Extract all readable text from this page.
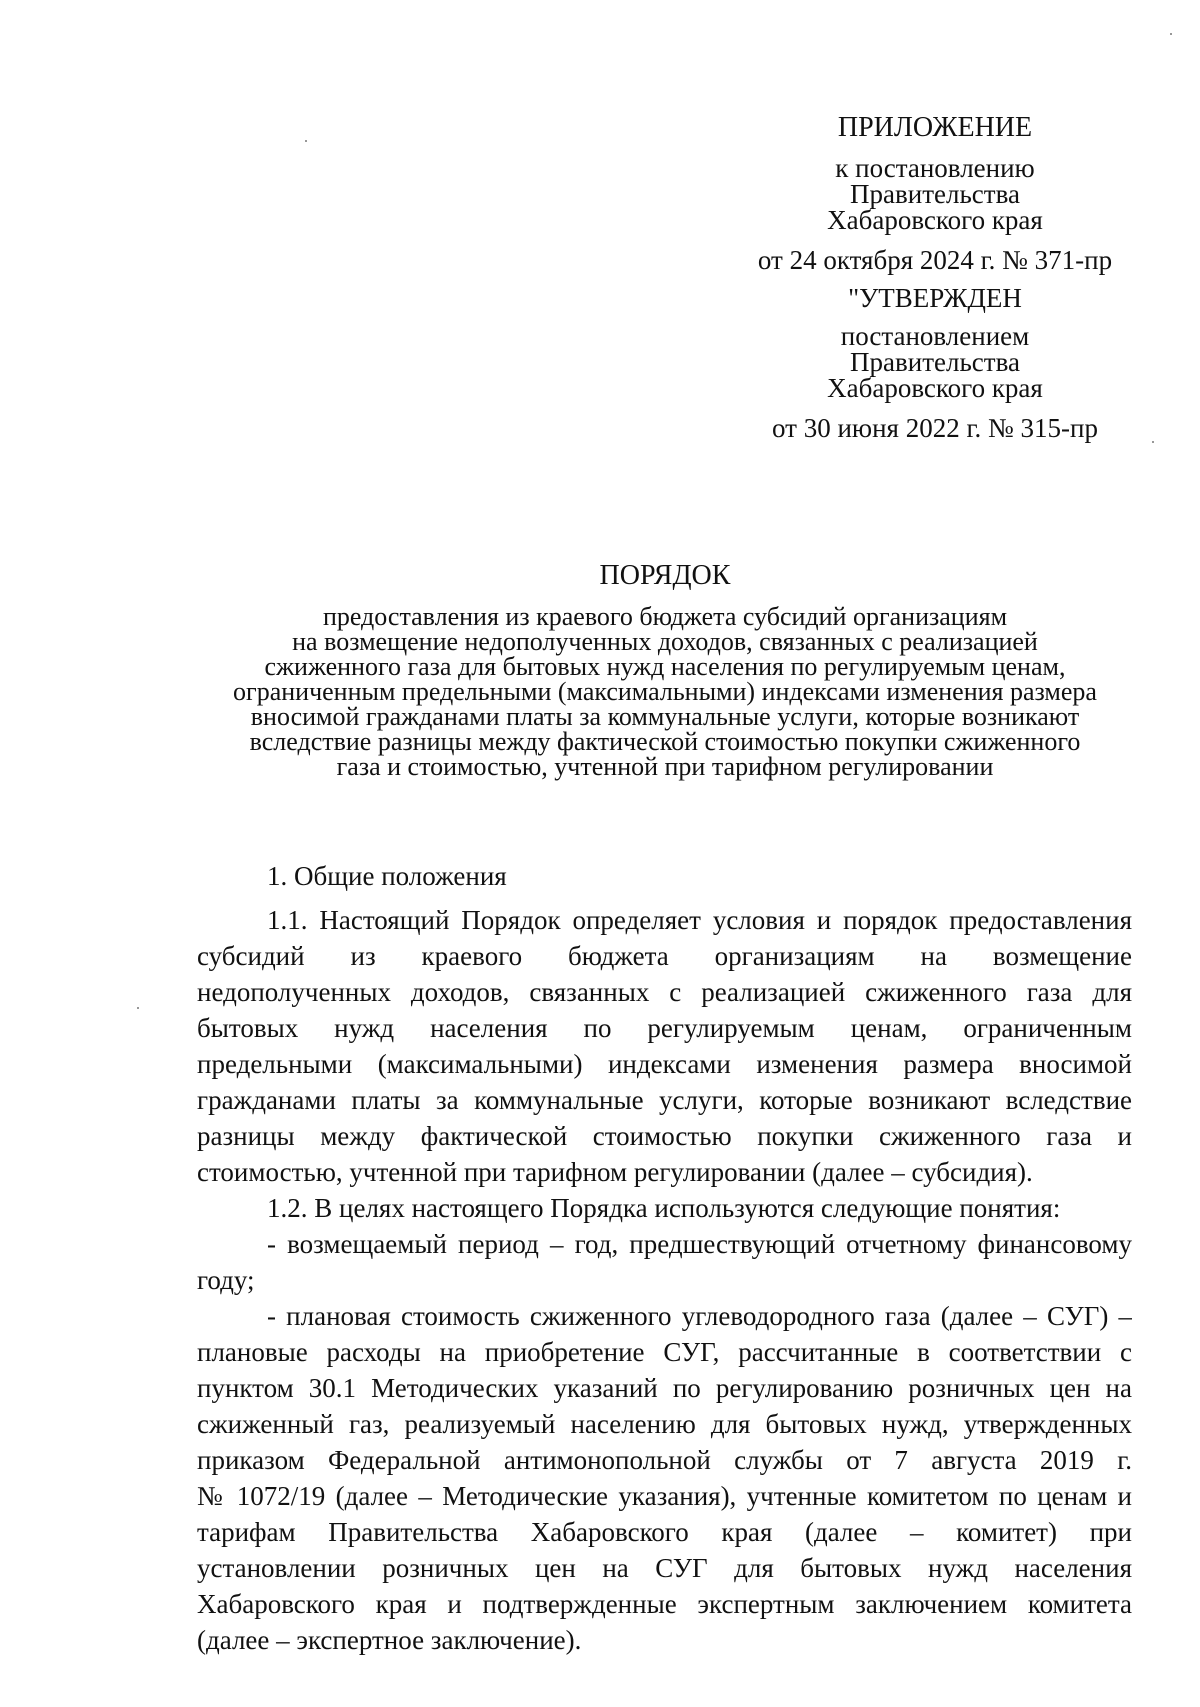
ПРИЛОЖЕНИЕ
к постановлению
Правительства
Хабаровского края
от 24 октября 2024 г. № 371-пр
"УТВЕРЖДЕН
постановлением
Правительства
Хабаровского края
от 30 июня 2022 г. № 315-пр
ПОРЯДОК
предоставления из краевого бюджета субсидий организациям
на возмещение недополученных доходов, связанных с реализацией
сжиженного газа для бытовых нужд населения по регулируемым ценам,
ограниченным предельными (максимальными) индексами изменения размера
вносимой гражданами платы за коммунальные услуги, которые возникают
вследствие разницы между фактической стоимостью покупки сжиженного
газа и стоимостью, учтенной при тарифном регулировании
1. Общие положения
1.1. Настоящий Порядок определяет условия и порядок предоставления
субсидий из краевого бюджета организациям на возмещение
недополученных доходов, связанных с реализацией сжиженного газа для
бытовых нужд населения по регулируемым ценам, ограниченным
предельными (максимальными) индексами изменения размера вносимой
гражданами платы за коммунальные услуги, которые возникают вследствие
разницы между фактической стоимостью покупки сжиженного газа и
стоимостью, учтенной при тарифном регулировании (далее – субсидия).
1.2. В целях настоящего Порядка используются следующие понятия:
- возмещаемый период – год, предшествующий отчетному финансовому
году;
- плановая стоимость сжиженного углеводородного газа (далее – СУГ) –
плановые расходы на приобретение СУГ, рассчитанные в соответствии с
пунктом 30.1 Методических указаний по регулированию розничных цен на
сжиженный газ, реализуемый населению для бытовых нужд, утвержденных
приказом Федеральной антимонопольной службы от 7 августа 2019 г.
№ 1072/19 (далее – Методические указания), учтенные комитетом по ценам и
тарифам Правительства Хабаровского края (далее – комитет) при
установлении розничных цен на СУГ для бытовых нужд населения
Хабаровского края и подтвержденные экспертным заключением комитета
(далее – экспертное заключение).
